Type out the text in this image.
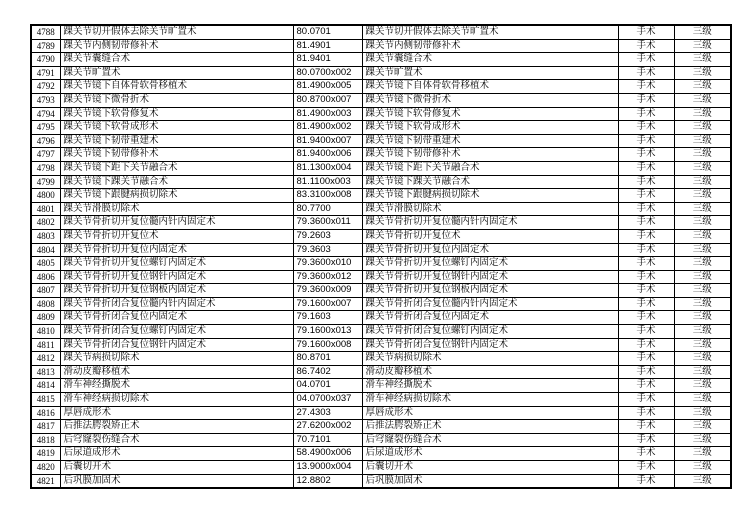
4788	踝关节切开假体去除关节旷置术	80.0701	踝关节切开假体去除关节旷置术	手术	三级
4789	踝关节内侧韧带修补术	81.4901	踝关节内侧韧带修补术	手术	三级
4790	踝关节囊缝合术	81.9401	踝关节囊缝合术	手术	三级
4791	踝关节旷置术	80.0700x002	踝关节旷置术	手术	三级
4792	踝关节镜下自体骨软骨移植术	81.4900x005	踝关节镜下自体骨软骨移植术	手术	三级
4793	踝关节镜下微骨折术	80.8700x007	踝关节镜下微骨折术	手术	三级
4794	踝关节镜下软骨修复术	81.4900x003	踝关节镜下软骨修复术	手术	三级
4795	踝关节镜下软骨成形术	81.4900x002	踝关节镜下软骨成形术	手术	三级
4796	踝关节镜下韧带重建术	81.9400x007	踝关节镜下韧带重建术	手术	三级
4797	踝关节镜下韧带修补术	81.9400x006	踝关节镜下韧带修补术	手术	三级
4798	踝关节镜下距下关节融合术	81.1300x004	踝关节镜下距下关节融合术	手术	三级
4799	踝关节镜下踝关节融合术	81.1100x003	踝关节镜下踝关节融合术	手术	三级
4800	踝关节镜下跟腱病损切除术	83.3100x008	踝关节镜下跟腱病损切除术	手术	三级
4801	踝关节滑膜切除术	80.7700	踝关节滑膜切除术	手术	三级
4802	踝关节骨折切开复位髓内针内固定术	79.3600x011	踝关节骨折切开复位髓内针内固定术	手术	三级
4803	踝关节骨折切开复位术	79.2603	踝关节骨折切开复位术	手术	三级
4804	踝关节骨折切开复位内固定术	79.3603	踝关节骨折切开复位内固定术	手术	三级
4805	踝关节骨折切开复位螺钉内固定术	79.3600x010	踝关节骨折切开复位螺钉内固定术	手术	三级
4806	踝关节骨折切开复位钢针内固定术	79.3600x012	踝关节骨折切开复位钢针内固定术	手术	三级
4807	踝关节骨折切开复位钢板内固定术	79.3600x009	踝关节骨折切开复位钢板内固定术	手术	三级
4808	踝关节骨折闭合复位髓内针内固定术	79.1600x007	踝关节骨折闭合复位髓内针内固定术	手术	三级
4809	踝关节骨折闭合复位内固定术	79.1603	踝关节骨折闭合复位内固定术	手术	三级
4810	踝关节骨折闭合复位螺钉内固定术	79.1600x013	踝关节骨折闭合复位螺钉内固定术	手术	三级
4811	踝关节骨折闭合复位钢针内固定术	79.1600x008	踝关节骨折闭合复位钢针内固定术	手术	三级
4812	踝关节病损切除术	80.8701	踝关节病损切除术	手术	三级
4813	滑动皮瓣移植术	86.7402	滑动皮瓣移植术	手术	三级
4814	滑车神经撕脱术	04.0701	滑车神经撕脱术	手术	三级
4815	滑车神经病损切除术	04.0700x037	滑车神经病损切除术	手术	三级
4816	厚唇成形术	27.4303	厚唇成形术	手术	三级
4817	后推法腭裂矫正术	27.6200x002	后推法腭裂矫正术	手术	三级
4818	后穹窿裂伤缝合术	70.7101	后穹窿裂伤缝合术	手术	三级
4819	后尿道成形术	58.4900x006	后尿道成形术	手术	三级
4820	后囊切开术	13.9000x004	后囊切开术	手术	三级
4821	后巩膜加固术	12.8802	后巩膜加固术	手术	三级
